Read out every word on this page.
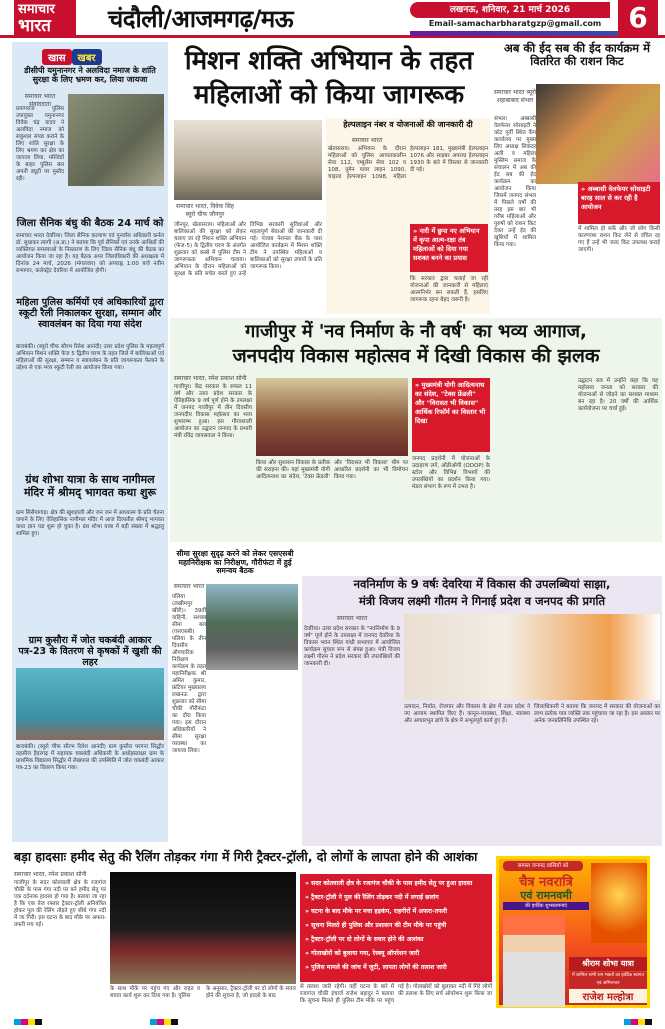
समाचार
भारत	चंदौली/आजमगढ़/मऊ	लखनऊ, शनिवार, 21 मार्च 2026
Email-samacharbharatgzp@gmail.com 6
खास खबर
डीसीपी यमुनानगर ने अलविदा नमाज के शांति सुरक्षा के लिए भ्रमण कर, लिया जायजा
समाचार भारत संवाददाता
प्रयागराज पुलिस उपायुक्त यमुनानगर विवेक चंद्र यादव ने अलविदा नमाज को सकुशल संपन्न कराने के लिए शांति सुरक्षा के लिए भ्रमण कर क्षेत्र का जायजा लिया, मस्जिदों के बाहर पुलिस बल अपनी ड्यूटी पर मुस्तैद रही।
जिला सैनिक बंधु की बैठक 24 मार्च को
समाचार भारत देवरिया। जिला सैनिक कल्याण एवं पुनर्वास अधिकारी कर्नल डॉ. सुधाकर त्यागी (अ.प्रा.) ने बताया कि पूर्व सैनिकों एवं उनके आश्रितों की व्यक्तिगत समस्याओं के निस्तारण के लिए जिला सैनिक बंधु की बैठक का आयोजन किया जा रहा है। यह बैठक अपर जिलाधिकारी की अध्यक्षता में दिनांक 24 मार्च, 2026 (मंगलवार) को अपराह्न 1:00 बजे नवीन सभागार, कलेक्ट्रेट देवरिया में आयोजित होगी।
महिला पुलिस कर्मियों एवं अधिकारियों द्वारा स्कूटी रैली निकालकर सुरक्षा, सम्मान और स्वावलंबन का दिया गया संदेश
बाराबंकी। (ब्यूरो चीफ सौरभ रितेश आनंदी) उत्तर प्रदेश पुलिस के महत्वपूर्ण अभियान मिशन शक्ति फेज 5 द्वितीय चरण के तहत जिले में बालिकाओं एवं महिलाओं की सुरक्षा, सम्मान व स्वावलंबन के प्रति जागरूकता फैलाने के उद्देश्य से एक भव्य स्कूटी रैली का आयोजन किया गया।
ग्रंथ शोभा यात्रा के साथ नागीमल मंदिर में श्रीमद् भागवत कथा शुरू
ग्राम सिसैयागाड़। क्षेत्र की खुशहाली और जन जन में आध्यात्म के प्रति चेतना जगाने के लिए ऐतिहासिक नागीमल मंदिर में आज दिव्यतीत श्रीमद् भागवत कथा ज्ञान यज्ञ शुरू हो चुका है। ग्रंथ शोभा यात्रा में बड़ी संख्या में श्रद्धालु शामिल हुए।
ग्राम कुसौरा में जोत चकबंदी आकार पत्र-23 के वितरण से कृषकों में खुशी की लहर
बाराबंकी। (ब्यूरो चीफ सौरभ रितेश आनंदी) ग्राम कुसौरा परगना सिद्धौर तहसील हैदरगढ़ में सहायक चकबंदी अधिकारी के अधोहस्ताक्षर ग्राम के प्राथमिक विद्यालय सिद्धौर में लेखपाल की उपस्थिति में जोत चकबंदी आकार पत्र-23 का वितरण किया गया।
मिशन शक्ति अभियान के तहत महिलाओं को किया जागरूक
समाचार भारत, विवेक सिंह ब्यूरो चीफ जौनपुर
जौनपुर, खेतासराय। महिलाओं और बालिकाओं की सुरक्षा को लेकर चलाए जा रहे मिशन शक्ति अभियान (फेज-5) के द्वितीय चरण के अंतर्गत शुक्रवार को कस्बे में पुलिस टीम ने जागरूकता अभियान चलाया। अभियान के दौरान महिलाओं को सुरक्षा के प्रति सचेत करते हुए उन्हें विभिन्न सरकारी सुविधाओं और महत्वपूर्ण सेवाओं की जानकारी दी गई। पंजाब नेशनल बैंक के पास आयोजित कार्यक्रम में मिशन शक्ति टीम ने उपस्थित महिलाओं व बालिकाओं को सुरक्षा उपायों के प्रति जागरूक किया।
हेल्पलाइन नंबर व योजनाओं की जानकारी दी
समाचार भारत
खेतासराय। अभियान के दौरान महिलाओं को पुलिस आपातकालीन सेवा 112, एम्बुलेंस सेवा 102 व 108, वूमेन पावर लाइन 1090, चाइल्ड हेल्पलाइन 1098, महिला हेल्पलाइन 181, मुख्यमंत्री हेल्पलाइन 1076 और साइबर अपराध हेल्पलाइन 1930 के बारे में विस्तार से जानकारी दी गई।
» नारी में छुपा नए अभियान में कृपा आत्म-रक्षा तंत्र महिलाओं को दिया गया सशक्त बनने का प्रयास
कि सरकार द्वारा चलाई जा रही योजनाओं की जानकारी से महिलाएं आत्मनिर्भर बन सकती हैं, इसलिए जागरूक रहना बेहद जरूरी है।
अब की ईद सब की ईद कार्यक्रम में वितरित की राशन किट
समाचार भारत ब्यूरो शहाबाबाद संभल
संभल। अब्बासी वेलफेयर सोसाइटी ने कोट पूर्वी स्थित कैंप कार्यालय पर मुख्य लिए अध्यक्ष सिकंदर अली व महिला मुस्लिम समाज के संचालन में अब की ईद सब की ईद कार्यक्रम का आयोजन किया जिसमें जनपद संभल में पिछले वर्षों की तरह इस बार भी गरीब महिलाओं और पुरुषों को राशन किट देकर उन्हें ईद की खुशियों में शामिल किया गया।
» अब्बासी वेलफेयर सोसाइटी बारह साल से कर रही है आयोजन
में शामिल हो सकें और जो लोग किसी कारणवश राशन किट लेने से वंचित रह गए हैं उन्हें भी जल्द किट उपलब्ध कराई जाएगी।
गाजीपुर में 'नव निर्माण के नौ वर्ष' का भव्य आगाज,
जनपदीय विकास महोत्सव में दिखी विकास की झलक
समाचार भारत, रमेश प्रकाश सोनी
गाजीपुर। केंद्र सरकार के सफल 11 वर्ष और उत्तर प्रदेश सरकार के ऐतिहासिक 9 वर्ष पूर्ण होने के उपलक्ष्य में जनपद गाजीपुर में तीन दिवसीय जनपदीय विकास महोत्सव का भव्य शुभारम्भ हुआ। इस गौरवशाली आयोजन का उद्घाटन जनपद के प्रभारी मंत्री रविंद्र जायसवाल ने किया।
किया और सुशासन विकास के प्रतीक की सराहना की। यहां मुख्यमंत्री योगी आदित्यनाथ का संदेश, 'टेक्स फ्रेंडली' और 'विरासत भी विकास' थीम पर आधारित प्रदर्शनी का भी विमोचन किया गया।
» मुख्यमंत्री योगी आदित्यनाथ का संदेश, "टेक्स फ्रेंडली" और "विरासत भी विकास" आर्थिक रिफॉर्म का विस्तार भी दिखा
जनपद प्रदर्शनी में योजनाओं के उदाहरण लगे, ओडीओपी (ODOP) के स्टॉल और विभिन्न विभागों की उपलब्धियों का प्रदर्शन किया गया। मंडल संभाग के रूप में उभरा है।
उद्घाटन सत्र में उन्होंने कहा कि यह महोत्सव जनता को सरकार की योजनाओं से जोड़ने का सशक्त माध्यम बन रहा है। 20 वर्षों की आर्थिक कार्ययोजना पर चर्चा हुई।
सीमा सुरक्षा सुदृढ़ करने को लेकर एसएसबी महानिरीक्षक का निरीक्षण, गौरीफंटा में हुई समन्वय बैठक
समाचार भारत
पलिया (लखीमपुर खीरी)। 39वीं वाहिनी, सशस्त्र सीमा बल (एसएसबी) पलिया के तीन दिवसीय औपचारिक निरीक्षण कार्यक्रम के तहत महानिरीक्षक श्री अमित कुमार, फ्रंटियर मुख्यालय लखनऊ द्वारा शुक्रवार को सीमा चौकी गौरीफंटा का दौरा किया गया। इस दौरान अधिकारियों ने सीमा सुरक्षा व्यवस्था का जायजा लिया।
नवनिर्माण के 9 वर्षः देवरिया में विकास की उपलब्धियां साझा,
मंत्री विजय लक्ष्मी गौतम ने गिनाई प्रदेश व जनपद की प्रगति
समाचार भारत
देवरिया। उत्तर प्रदेश सरकार के "नवनिर्माण के 9 वर्ष" पूर्ण होने के उपलक्ष्य में जनपद देवरिया के विकास भवन स्थित गांधी सभागार में आयोजित कार्यक्रम सुचारु रूप से संपन्न हुआ। मंत्री विजय लक्ष्मी गौतम ने प्रदेश सरकार की उपलब्धियों की जानकारी दी।
उत्पादन, निर्यात, रोजगार और विकास के क्षेत्र में उत्तर प्रदेश ने नए आयाम स्थापित किए हैं। कानून-व्यवस्था, शिक्षा, स्वास्थ्य और आधारभूत ढांचे के क्षेत्र में अभूतपूर्व कार्य हुए हैं।
जिलाधिकारी ने बताया कि जनपद में सरकार की योजनाओं का लाभ प्रत्येक पात्र व्यक्ति तक पहुंचाया जा रहा है। इस अवसर पर अनेक जनप्रतिनिधि उपस्थित रहे।
बड़ा हादसाः हमीद सेतु की रैलिंग तोड़कर गंगा में गिरी ट्रैक्टर-ट्रॉली, दो लोगों के लापता होने की आशंका
समाचार भारत, रमेश प्रकाश सोनी
गाजीपुर के सदर कोतवाली क्षेत्र के रजागंज चौकी के पास गंगा नदी पर बने हमीद सेतु पर एक दर्दनाक हादसा हो गया है। बताया जा रहा है कि एक तेज रफ्तार ट्रैक्टर-ट्रॉली अनियंत्रित होकर पुल की रेलिंग तोड़ते हुए सीधे गंगा नदी में जा गिरी। इस घटना के बाद मौके पर अफरा-तफरी मच गई।
के साथ मौके पर पहुंच गए और राहत व बचाव कार्य शुरू कर दिया गया है। पुलिस
के अनुसार, ट्रैक्टर-ट्रॉली पर दो लोगों के सवार होने की सूचना है, जो हादसे के बाद
» सदर कोतवाली क्षेत्र के रजागंज चौकी के पास हमीद सेतु पर हुआ हादसा
» ट्रैक्टर-ट्रॉली ने पुल की रैलिंग तोड़कर नदी में लगाई छलांग
» घटना के बाद मौके पर मचा हड़कंप, राहगीरों में अफरा-तफरी
» सूचना मिलते ही पुलिस और प्रशासन की टीम मौके पर पहुंची
» ट्रैक्टर-ट्रॉली पर दो लोगों के सवार होने की आशंका
» गोताखोरों को बुलाया गया, रेस्क्यू ऑपरेशन जारी
» पुलिस मामले की जांच में जुटी, लापता लोगों की तलाश जारी
से तलाश जारी रहेगी। वहीं घटना के बारे में रजागंज चौकी इंचार्ज राजेश बहादुर ने बताया कि सूचना मिलते ही पुलिस टीम मौके पर पहुंच गई है। गोताखोरों को बुलाकर नदी में गिरे लोगों की तलाश के लिए सर्च ऑपरेशन शुरू किया जा
समस्त जनपद वासियों को
चैत्र नवरात्रि
एवं रामनवमी
की हार्दिक शुभकामनाएं
श्रीराम शोभा यात्रा
में शामिल सभी राम भक्तों का हार्दिक स्वागत एवं अभिनन्दन
राजेश मल्होत्रा
